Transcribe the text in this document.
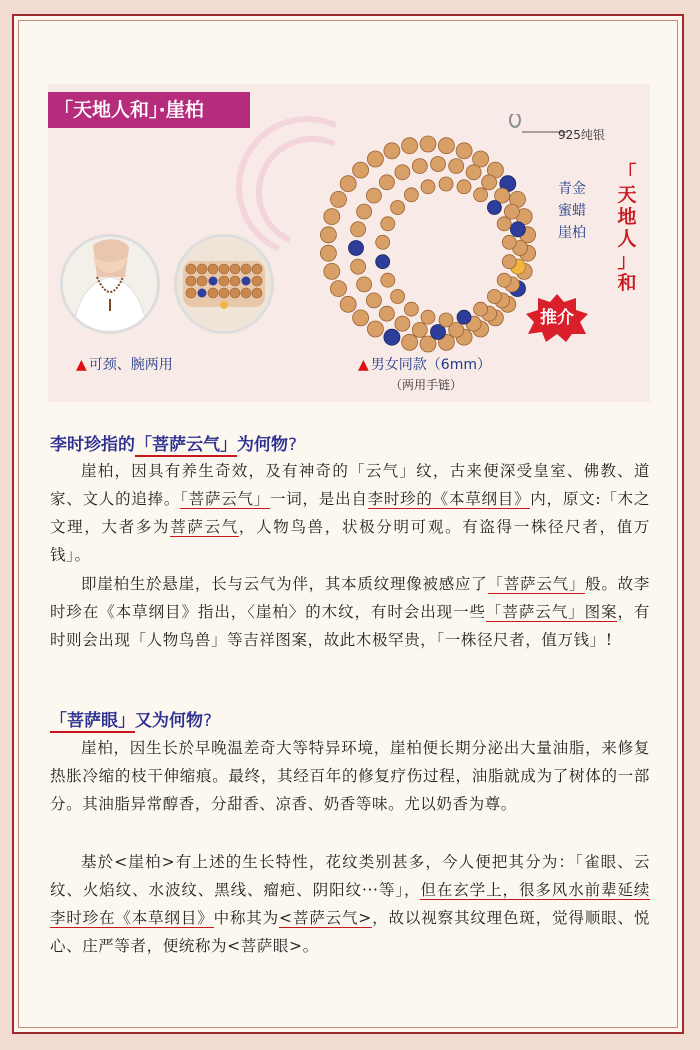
「天地人和」·崖柏
▲ 可颈、腕两用	▲ 男女同款（6mm）
（两用手链）
925纯银
青金
蜜蜡
崖柏
「
天
地
人
」
和
推介
李时珍指的「菩萨云气」为何物?

崖柏，因具有养生奇效，及有神奇的「云气」纹，古来便深受皇室、佛教、道家、文人的追捧。「菩萨云气」一词，是出自李时珍的《本草纲目》内，原文:「木之文理，大者多为菩萨云气，人物鸟兽，状极分明可观。有盗得一株径尺者，值万钱」。

即崖柏生於悬崖，长与云气为伴，其本质纹理像被感应了「菩萨云气」般。故李时珍在《本草纲目》指出，〈崖柏〉的木纹，有时会出现一些「菩萨云气」图案，有时则会出现「人物鸟兽」等吉祥图案，故此木极罕贵，「一株径尺者，值万钱」!

「菩萨眼」又为何物?

崖柏，因生长於早晚温差奇大等特异环境，崖柏便长期分泌出大量油脂，来修复热胀冷缩的枝干伸缩痕。最终，其经百年的修复疗伤过程，油脂就成为了树体的一部分。其油脂异常醇香，分甜香、凉香、奶香等味。尤以奶香为尊。

基於<崖柏>有上述的生长特性，花纹类别甚多，今人便把其分为：「雀眼、云纹、火焰纹、水波纹、黑线、瘤疤、阴阳纹···等」，但在玄学上，很多风水前辈延续李时珍在《本草纲目》中称其为<菩萨云气>，故以视察其纹理色斑，觉得顺眼、悦心、庄严等者，便统称为<菩萨眼>。
